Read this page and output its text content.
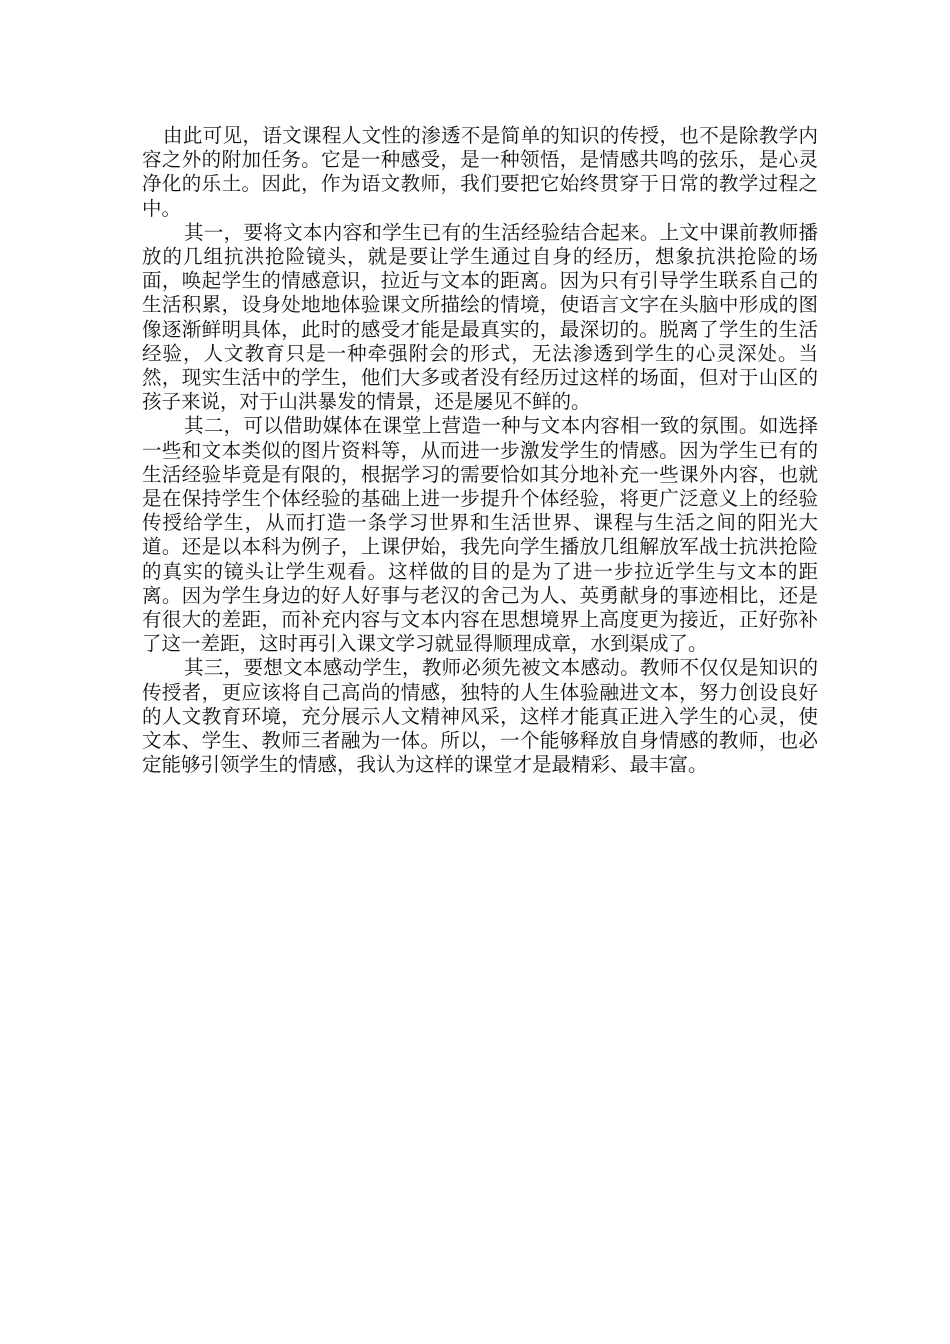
由此可见，语文课程人文性的渗透不是简单的知识的传授，也不是除教学内容之外的附加任务。它是一种感受，是一种领悟，是情感共鸣的弦乐，是心灵净化的乐土。因此，作为语文教师，我们要把它始终贯穿于日常的教学过程之中。

其一，要将文本内容和学生已有的生活经验结合起来。上文中课前教师播放的几组抗洪抢险镜头，就是要让学生通过自身的经历，想象抗洪抢险的场面，唤起学生的情感意识，拉近与文本的距离。因为只有引导学生联系自己的生活积累，设身处地地体验课文所描绘的情境，使语言文字在头脑中形成的图像逐渐鲜明具体，此时的感受才能是最真实的，最深切的。脱离了学生的生活经验，人文教育只是一种牵强附会的形式，无法渗透到学生的心灵深处。当然，现实生活中的学生，他们大多或者没有经历过这样的场面，但对于山区的孩子来说，对于山洪暴发的情景，还是屡见不鲜的。

其二，可以借助媒体在课堂上营造一种与文本内容相一致的氛围。如选择一些和文本类似的图片资料等，从而进一步激发学生的情感。因为学生已有的生活经验毕竟是有限的，根据学习的需要恰如其分地补充一些课外内容，也就是在保持学生个体经验的基础上进一步提升个体经验，将更广泛意义上的经验传授给学生，从而打造一条学习世界和生活世界、课程与生活之间的阳光大道。还是以本科为例子，上课伊始，我先向学生播放几组解放军战士抗洪抢险的真实的镜头让学生观看。这样做的目的是为了进一步拉近学生与文本的距离。因为学生身边的好人好事与老汉的舍己为人、英勇献身的事迹相比，还是有很大的差距，而补充内容与文本内容在思想境界上高度更为接近，正好弥补了这一差距，这时再引入课文学习就显得顺理成章，水到渠成了。

其三，要想文本感动学生，教师必须先被文本感动。教师不仅仅是知识的传授者，更应该将自己高尚的情感，独特的人生体验融进文本，努力创设良好的人文教育环境，充分展示人文精神风采，这样才能真正进入学生的心灵，使文本、学生、教师三者融为一体。所以，一个能够释放自身情感的教师，也必定能够引领学生的情感，我认为这样的课堂才是最精彩、最丰富。
